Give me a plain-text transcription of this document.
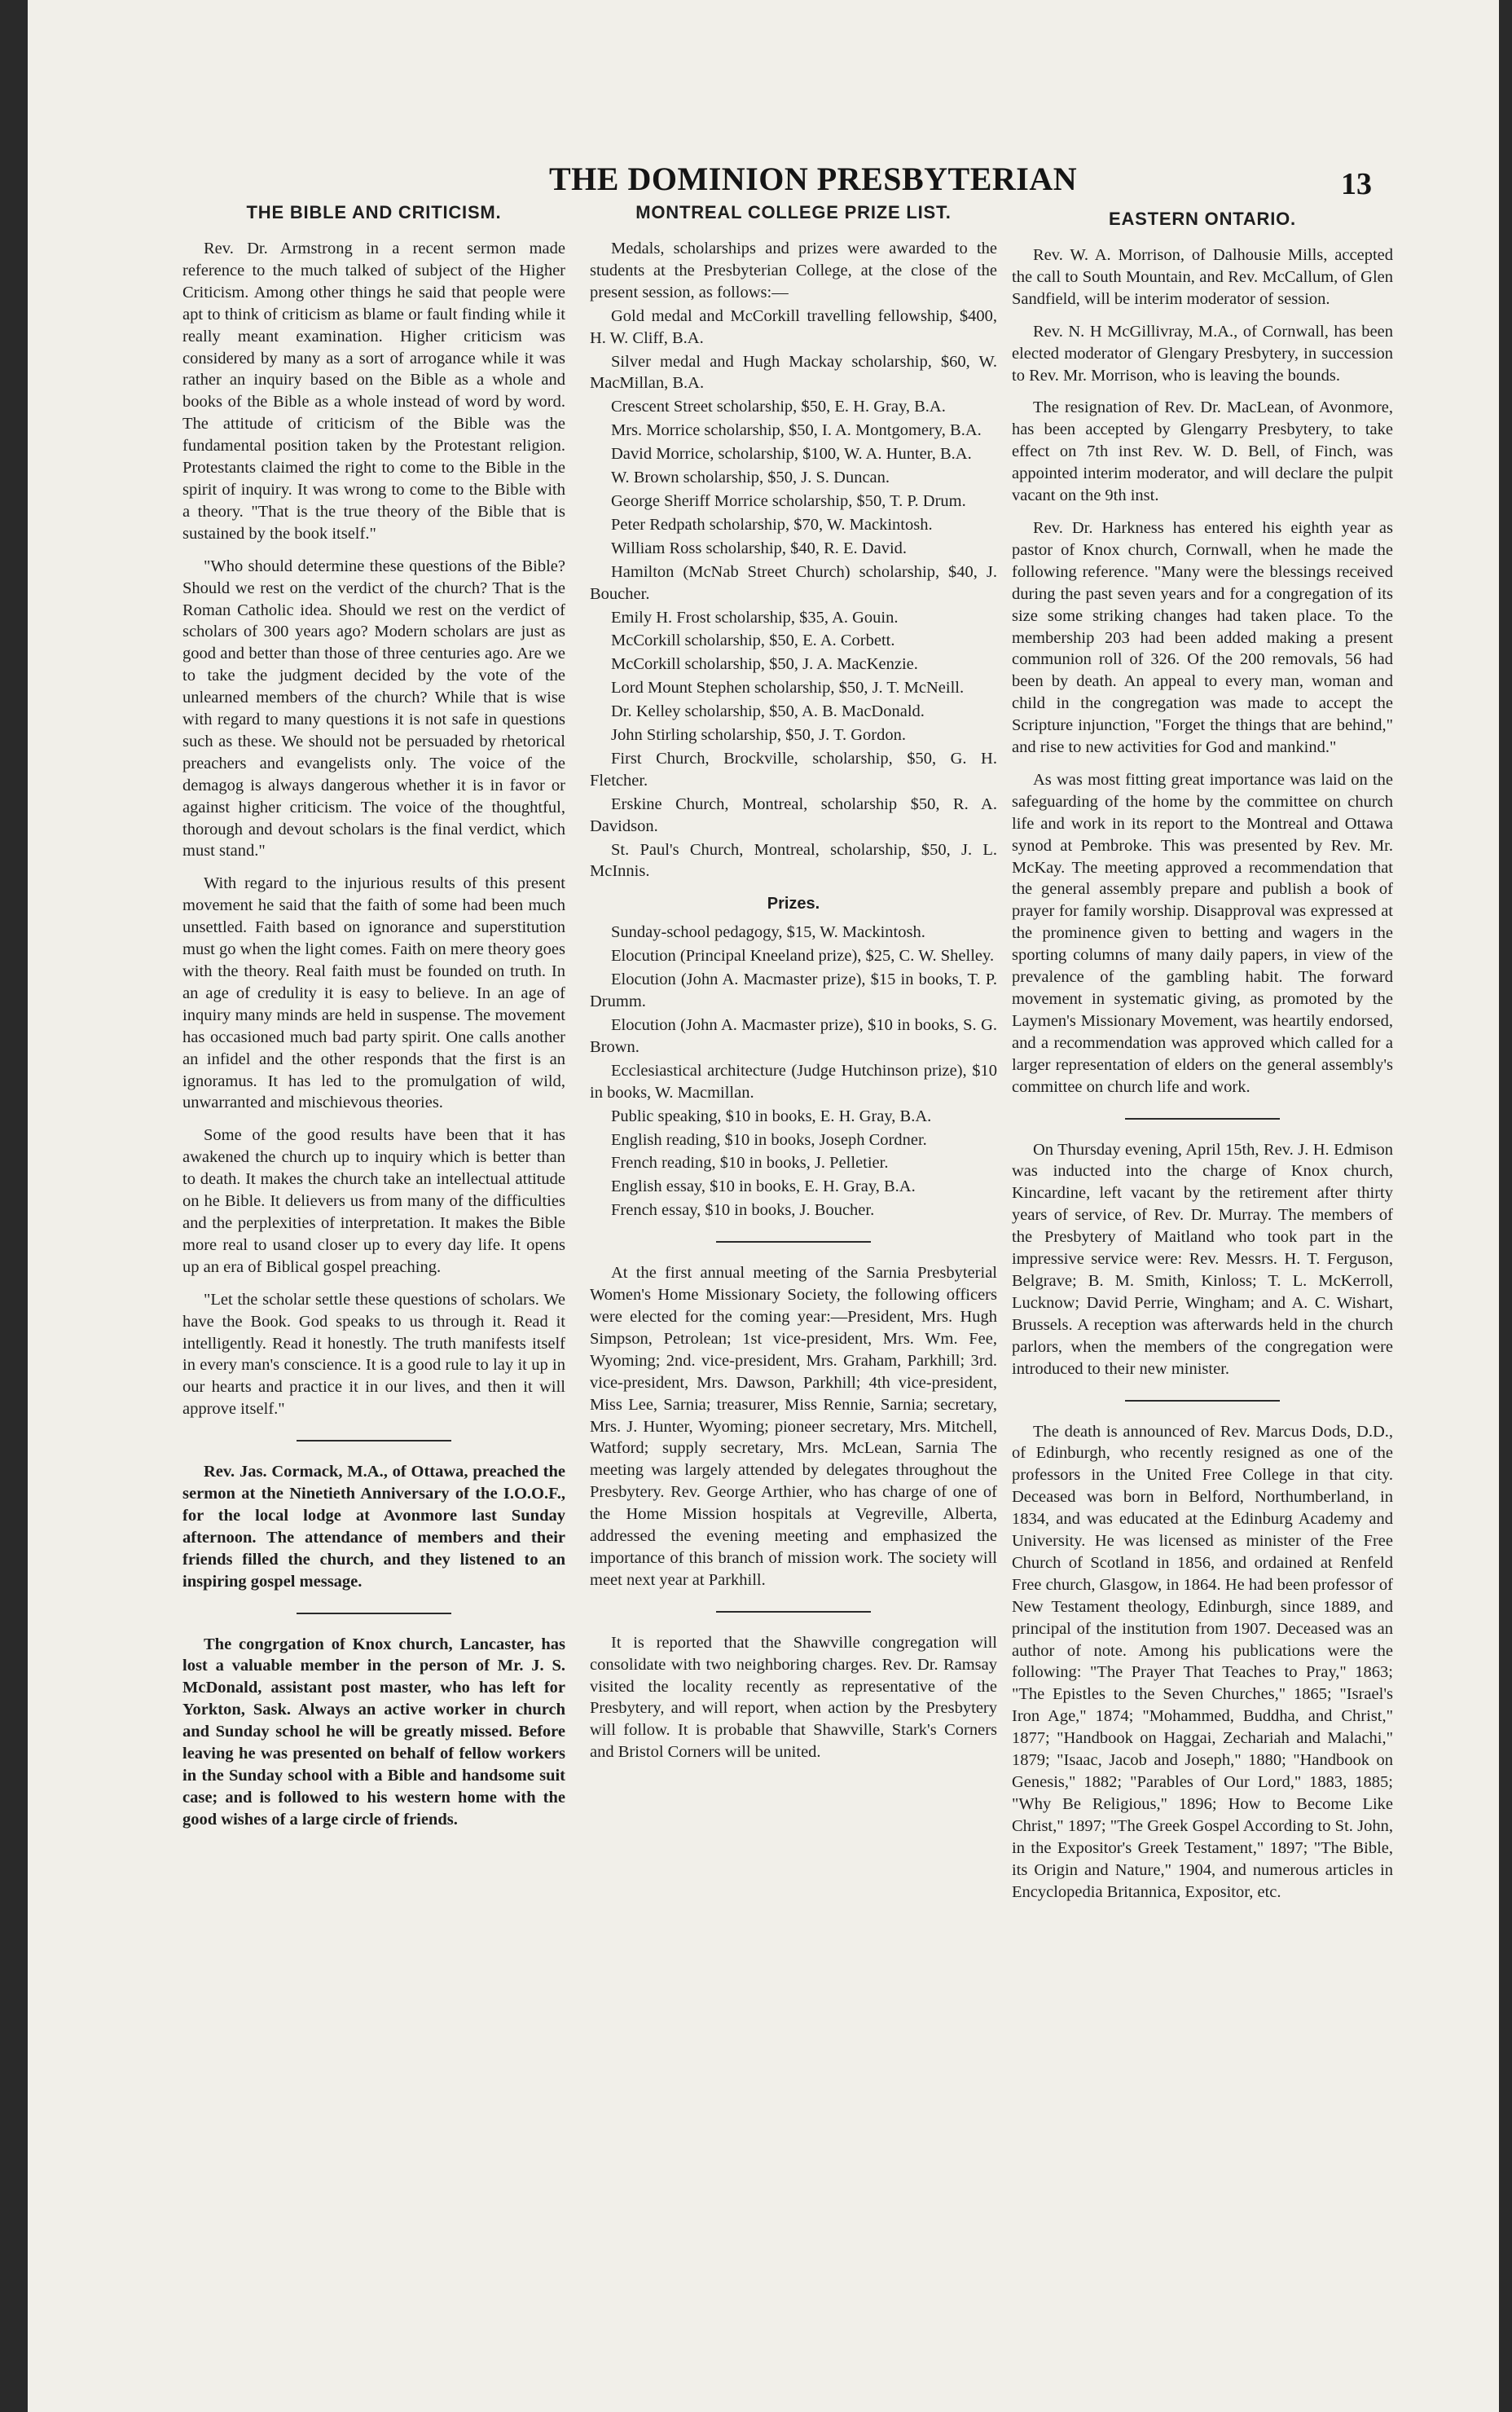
THE DOMINION PRESBYTERIAN	13
THE BIBLE AND CRITICISM.

Rev. Dr. Armstrong in a recent sermon made reference to the much talked of subject of the Higher Criticism. Among other things he said that people were apt to think of criticism as blame or fault finding while it really meant examination. Higher criticism was considered by many as a sort of arrogance while it was rather an inquiry based on the Bible as a whole and books of the Bible as a whole instead of word by word. The attitude of criticism of the Bible was the fundamental position taken by the Protestant religion. Protestants claimed the right to come to the Bible in the spirit of inquiry. It was wrong to come to the Bible with a theory. "That is the true theory of the Bible that is sustained by the book itself."

"Who should determine these questions of the Bible? Should we rest on the verdict of the church? That is the Roman Catholic idea. Should we rest on the verdict of scholars of 300 years ago? Modern scholars are just as good and better than those of three centuries ago. Are we to take the judgment decided by the vote of the unlearned members of the church? While that is wise with regard to many questions it is not safe in questions such as these. We should not be persuaded by rhetorical preachers and evangelists only. The voice of the demagog is always dangerous whether it is in favor or against higher criticism. The voice of the thoughtful, thorough and devout scholars is the final verdict, which must stand."

With regard to the injurious results of this present movement he said that the faith of some had been much unsettled. Faith based on ignorance and superstitution must go when the light comes. Faith on mere theory goes with the theory. Real faith must be founded on truth. In an age of credulity it is easy to believe. In an age of inquiry many minds are held in suspense. The movement has occasioned much bad party spirit. One calls another an infidel and the other responds that the first is an ignoramus. It has led to the promulgation of wild, unwarranted and mischievous theories.

Some of the good results have been that it has awakened the church up to inquiry which is better than to death. It makes the church take an intellectual attitude on he Bible. It delievers us from many of the difficulties and the perplexities of interpretation. It makes the Bible more real to usand closer up to every day life. It opens up an era of Biblical gospel preaching.

"Let the scholar settle these questions of scholars. We have the Book. God speaks to us through it. Read it intelligently. Read it honestly. The truth manifests itself in every man's conscience. It is a good rule to lay it up in our hearts and practice it in our lives, and then it will approve itself."

Rev. Jas. Cormack, M.A., of Ottawa, preached the sermon at the Ninetieth Anniversary of the I.O.O.F., for the local lodge at Avonmore last Sunday afternoon. The attendance of members and their friends filled the church, and they listened to an inspiring gospel message.

The congrgation of Knox church, Lancaster, has lost a valuable member in the person of Mr. J. S. McDonald, assistant post master, who has left for Yorkton, Sask. Always an active worker in church and Sunday school he will be greatly missed. Before leaving he was presented on behalf of fellow workers in the Sunday school with a Bible and handsome suit case; and is followed to his western home with the good wishes of a large circle of friends.

MONTREAL COLLEGE PRIZE LIST.

Medals, scholarships and prizes were awarded to the students at the Presbyterian College, at the close of the present session, as follows:—

Gold medal and McCorkill travelling fellowship, $400, H. W. Cliff, B.A.

Silver medal and Hugh Mackay scholarship, $60, W. MacMillan, B.A.

Crescent Street scholarship, $50, E. H. Gray, B.A.

Mrs. Morrice scholarship, $50, I. A. Montgomery, B.A.

David Morrice, scholarship, $100, W. A. Hunter, B.A.

W. Brown scholarship, $50, J. S. Duncan.

George Sheriff Morrice scholarship, $50, T. P. Drum.

Peter Redpath scholarship, $70, W. Mackintosh.

William Ross scholarship, $40, R. E. David.

Hamilton (McNab Street Church) scholarship, $40, J. Boucher.

Emily H. Frost scholarship, $35, A. Gouin.

McCorkill scholarship, $50, E. A. Corbett.

McCorkill scholarship, $50, J. A. MacKenzie.

Lord Mount Stephen scholarship, $50, J. T. McNeill.

Dr. Kelley scholarship, $50, A. B. MacDonald.

John Stirling scholarship, $50, J. T. Gordon.

First Church, Brockville, scholarship, $50, G. H. Fletcher.

Erskine Church, Montreal, scholarship $50, R. A. Davidson.

St. Paul's Church, Montreal, scholarship, $50, J. L. McInnis.

Prizes.

Sunday-school pedagogy, $15, W. Mackintosh.

Elocution (Principal Kneeland prize), $25, C. W. Shelley.

Elocution (John A. Macmaster prize), $15 in books, T. P. Drumm.

Elocution (John A. Macmaster prize), $10 in books, S. G. Brown.

Ecclesiastical architecture (Judge Hutchinson prize), $10 in books, W. Macmillan.

Public speaking, $10 in books, E. H. Gray, B.A.

English reading, $10 in books, Joseph Cordner.

French reading, $10 in books, J. Pelletier.

English essay, $10 in books, E. H. Gray, B.A.

French essay, $10 in books, J. Boucher.

At the first annual meeting of the Sarnia Presbyterial Women's Home Missionary Society, the following officers were elected for the coming year:—President, Mrs. Hugh Simpson, Petrolean; 1st vice-president, Mrs. Wm. Fee, Wyoming; 2nd. vice-president, Mrs. Graham, Parkhill; 3rd. vice-president, Mrs. Dawson, Parkhill; 4th vice-president, Miss Lee, Sarnia; treasurer, Miss Rennie, Sarnia; secretary, Mrs. J. Hunter, Wyoming; pioneer secretary, Mrs. Mitchell, Watford; supply secretary, Mrs. McLean, Sarnia The meeting was largely attended by delegates throughout the Presbytery. Rev. George Arthier, who has charge of one of the Home Mission hospitals at Vegreville, Alberta, addressed the evening meeting and emphasized the importance of this branch of mission work. The society will meet next year at Parkhill.

It is reported that the Shawville congregation will consolidate with two neighboring charges. Rev. Dr. Ramsay visited the locality recently as representative of the Presbytery, and will report, when action by the Presbytery will follow. It is probable that Shawville, Stark's Corners and Bristol Corners will be united.

EASTERN ONTARIO.

Rev. W. A. Morrison, of Dalhousie Mills, accepted the call to South Mountain, and Rev. McCallum, of Glen Sandfield, will be interim moderator of session.

Rev. N. H McGillivray, M.A., of Cornwall, has been elected moderator of Glengary Presbytery, in succession to Rev. Mr. Morrison, who is leaving the bounds.

The resignation of Rev. Dr. MacLean, of Avonmore, has been accepted by Glengarry Presbytery, to take effect on 7th inst Rev. W. D. Bell, of Finch, was appointed interim moderator, and will declare the pulpit vacant on the 9th inst.

Rev. Dr. Harkness has entered his eighth year as pastor of Knox church, Cornwall, when he made the following reference. "Many were the blessings received during the past seven years and for a congregation of its size some striking changes had taken place. To the membership 203 had been added making a present communion roll of 326. Of the 200 removals, 56 had been by death. An appeal to every man, woman and child in the congregation was made to accept the Scripture injunction, "Forget the things that are behind," and rise to new activities for God and mankind."

As was most fitting great importance was laid on the safeguarding of the home by the committee on church life and work in its report to the Montreal and Ottawa synod at Pembroke. This was presented by Rev. Mr. McKay. The meeting approved a recommendation that the general assembly prepare and publish a book of prayer for family worship. Disapproval was expressed at the prominence given to betting and wagers in the sporting columns of many daily papers, in view of the prevalence of the gambling habit. The forward movement in systematic giving, as promoted by the Laymen's Missionary Movement, was heartily endorsed, and a recommendation was approved which called for a larger representation of elders on the general assembly's committee on church life and work.

On Thursday evening, April 15th, Rev. J. H. Edmison was inducted into the charge of Knox church, Kincardine, left vacant by the retirement after thirty years of service, of Rev. Dr. Murray. The members of the Presbytery of Maitland who took part in the impressive service were: Rev. Messrs. H. T. Ferguson, Belgrave; B. M. Smith, Kinloss; T. L. McKerroll, Lucknow; David Perrie, Wingham; and A. C. Wishart, Brussels. A reception was afterwards held in the church parlors, when the members of the congregation were introduced to their new minister.

The death is announced of Rev. Marcus Dods, D.D., of Edinburgh, who recently resigned as one of the professors in the United Free College in that city. Deceased was born in Belford, Northumberland, in 1834, and was educated at the Edinburg Academy and University. He was licensed as minister of the Free Church of Scotland in 1856, and ordained at Renfeld Free church, Glasgow, in 1864. He had been professor of New Testament theology, Edinburgh, since 1889, and principal of the institution from 1907. Deceased was an author of note. Among his publications were the following: "The Prayer That Teaches to Pray," 1863; "The Epistles to the Seven Churches," 1865; "Israel's Iron Age," 1874; "Mohammed, Buddha, and Christ," 1877; "Handbook on Haggai, Zechariah and Malachi," 1879; "Isaac, Jacob and Joseph," 1880; "Handbook on Genesis," 1882; "Parables of Our Lord," 1883, 1885; "Why Be Religious," 1896; How to Become Like Christ," 1897; "The Greek Gospel According to St. John, in the Expositor's Greek Testament," 1897; "The Bible, its Origin and Nature," 1904, and numerous articles in Encyclopedia Britannica, Expositor, etc.
